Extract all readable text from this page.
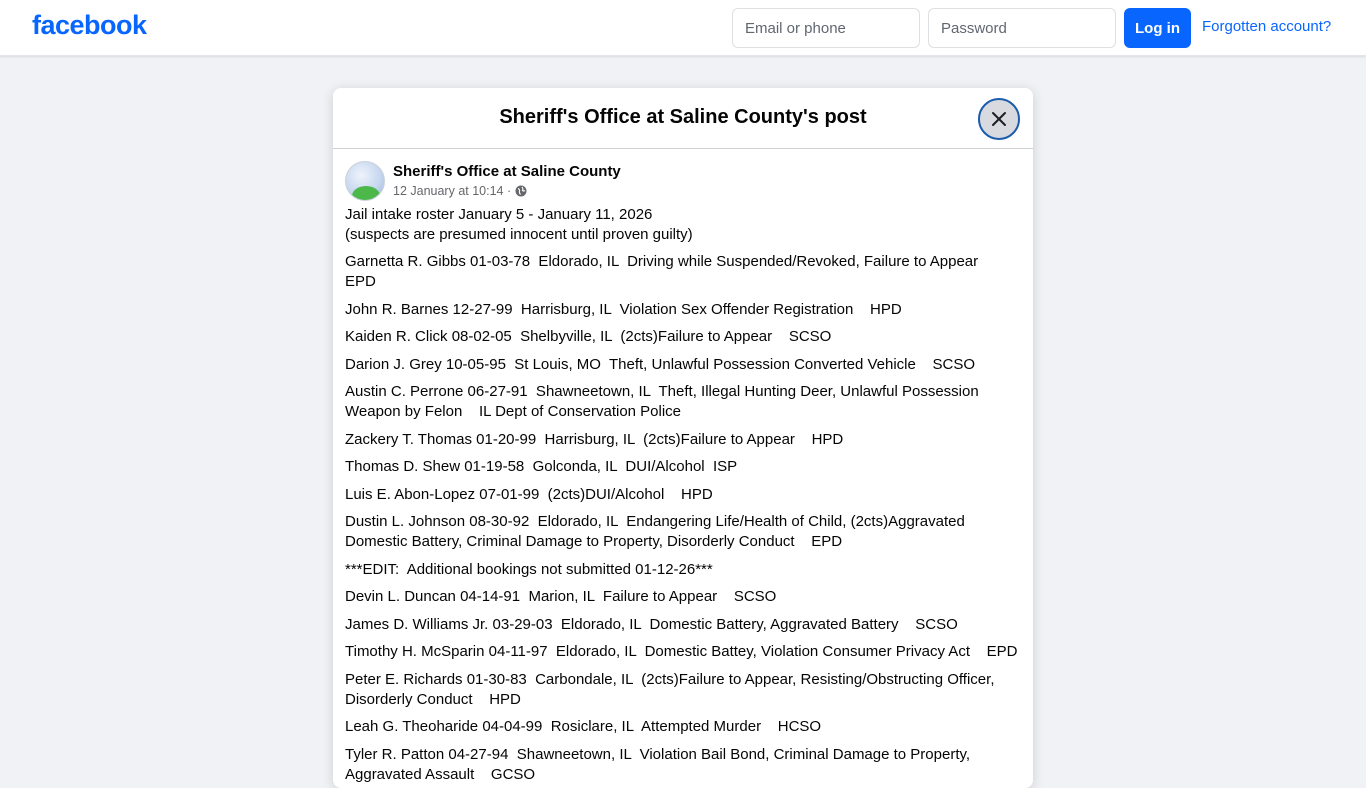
facebook
Email or phone	Log in	Forgotten account?
Sheriff's Office at Saline County's post
Sheriff's Office at Saline County
12 January at 10:14 ·
Jail intake roster January 5 - January 11, 2026
(suspects are presumed innocent until proven guilty)
Garnetta R. Gibbs 01-03-78  Eldorado, IL  Driving while Suspended/Revoked, Failure to Appear    EPD
John R. Barnes 12-27-99  Harrisburg, IL  Violation Sex Offender Registration    HPD
Kaiden R. Click 08-02-05  Shelbyville, IL  (2cts)Failure to Appear    SCSO
Darion J. Grey 10-05-95  St Louis, MO  Theft, Unlawful Possession Converted Vehicle    SCSO
Austin C. Perrone 06-27-91  Shawneetown, IL  Theft, Illegal Hunting Deer, Unlawful Possession Weapon by Felon    IL Dept of Conservation Police
Zackery T. Thomas 01-20-99  Harrisburg, IL  (2cts)Failure to Appear    HPD
Thomas D. Shew 01-19-58  Golconda, IL  DUI/Alcohol  ISP
Luis E. Abon-Lopez 07-01-99  (2cts)DUI/Alcohol    HPD
Dustin L. Johnson 08-30-92  Eldorado, IL  Endangering Life/Health of Child, (2cts)Aggravated Domestic Battery, Criminal Damage to Property, Disorderly Conduct    EPD
***EDIT:  Additional bookings not submitted 01-12-26***
Devin L. Duncan 04-14-91  Marion, IL  Failure to Appear    SCSO
James D. Williams Jr. 03-29-03  Eldorado, IL  Domestic Battery, Aggravated Battery    SCSO
Timothy H. McSparin 04-11-97  Eldorado, IL  Domestic Battey, Violation Consumer Privacy Act    EPD
Peter E. Richards 01-30-83  Carbondale, IL  (2cts)Failure to Appear, Resisting/Obstructing Officer, Disorderly Conduct    HPD
Leah G. Theoharide 04-04-99  Rosiclare, IL  Attempted Murder    HCSO
Tyler R. Patton 04-27-94  Shawneetown, IL  Violation Bail Bond, Criminal Damage to Property, Aggravated Assault    GCSO
